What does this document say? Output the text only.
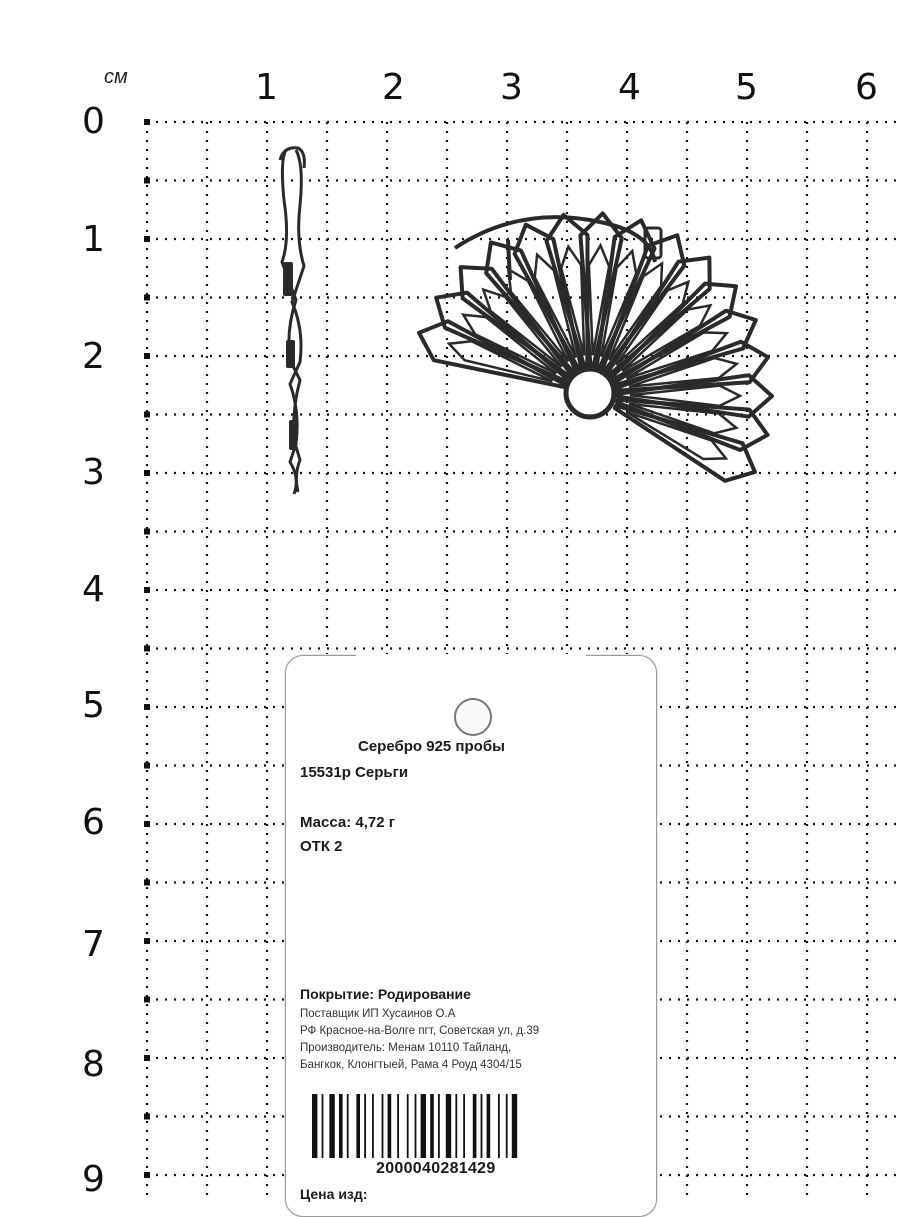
см	1	2	3	4	5	6
0
1
2
3
4
5
6
7
8
9
Серебро 925 пробы
15531р Серьги
Масса: 4,72 г
ОТК 2
Покрытие: Родирование
Поставщик ИП Хусаинов О.А
РФ Красное-на-Волге пгт, Советская ул, д.39
Производитель: Менам 10110 Тайланд,
Бангкок, Клонгтыей, Рама 4 Роуд 4304/15
2000040281429
Цена изд:
